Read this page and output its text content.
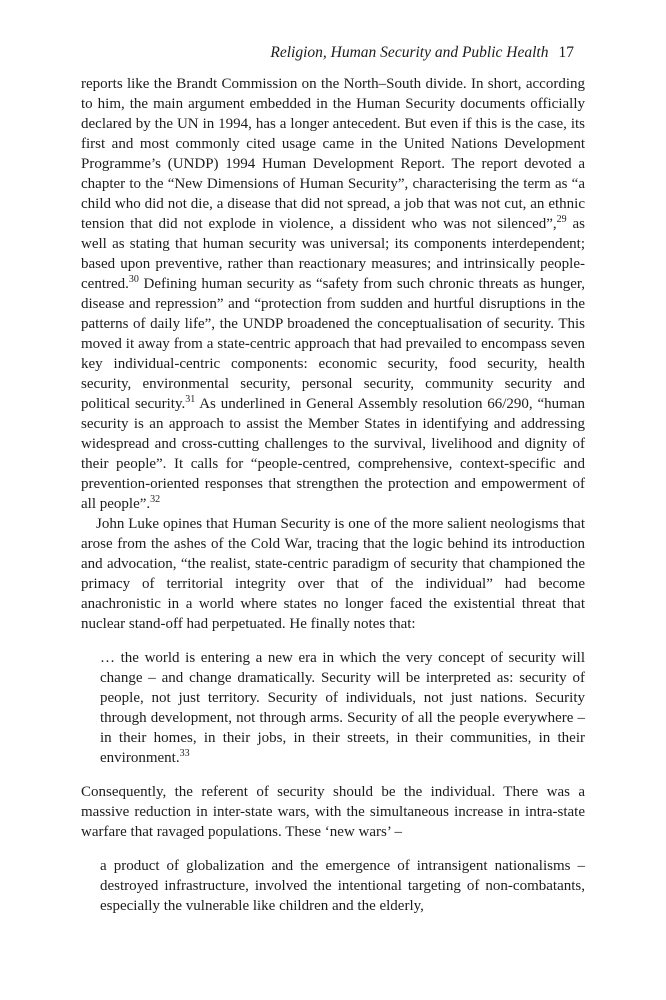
Religion, Human Security and Public Health 17

reports like the Brandt Commission on the North–South divide. In short, according to him, the main argument embedded in the Human Security documents officially declared by the UN in 1994, has a longer antecedent. But even if this is the case, its first and most commonly cited usage came in the United Nations Development Programme’s (UNDP) 1994 Human Development Report. The report devoted a chapter to the “New Dimensions of Human Security”, characterising the term as “a child who did not die, a disease that did not spread, a job that was not cut, an ethnic tension that did not explode in violence, a dissident who was not silenced”,$^{29}$ as well as stating that human security was universal; its components interdependent; based upon preventive, rather than reactionary measures; and intrinsically people-centred.$^{30}$ Defining human security as “safety from such chronic threats as hunger, disease and repression” and “protection from sudden and hurtful disruptions in the patterns of daily life”, the UNDP broadened the conceptualisation of security. This moved it away from a state-centric approach that had prevailed to encompass seven key individual-centric components: economic security, food security, health security, environmental security, personal security, community security and political security.$^{31}$ As underlined in General Assembly resolution 66/290, “human security is an approach to assist the Member States in identifying and addressing widespread and cross-cutting challenges to the survival, livelihood and dignity of their people”. It calls for “people-centred, comprehensive, context-specific and prevention-oriented responses that strengthen the protection and empowerment of all people”.$^{32}$

John Luke opines that Human Security is one of the more salient neologisms that arose from the ashes of the Cold War, tracing that the logic behind its introduction and advocation, “the realist, state-centric paradigm of security that championed the primacy of territorial integrity over that of the individual” had become anachronistic in a world where states no longer faced the existential threat that nuclear stand-off had perpetuated. He finally notes that:

… the world is entering a new era in which the very concept of security will change – and change dramatically. Security will be interpreted as: security of people, not just territory. Security of individuals, not just nations. Security through development, not through arms. Security of all the people everywhere – in their homes, in their jobs, in their streets, in their communities, in their environment.$^{33}$

Consequently, the referent of security should be the individual. There was a massive reduction in inter-state wars, with the simultaneous increase in intra-state warfare that ravaged populations. These ‘new wars’ –

a product of globalization and the emergence of intransigent nationalisms – destroyed infrastructure, involved the intentional targeting of non-combatants, especially the vulnerable like children and the elderly,
